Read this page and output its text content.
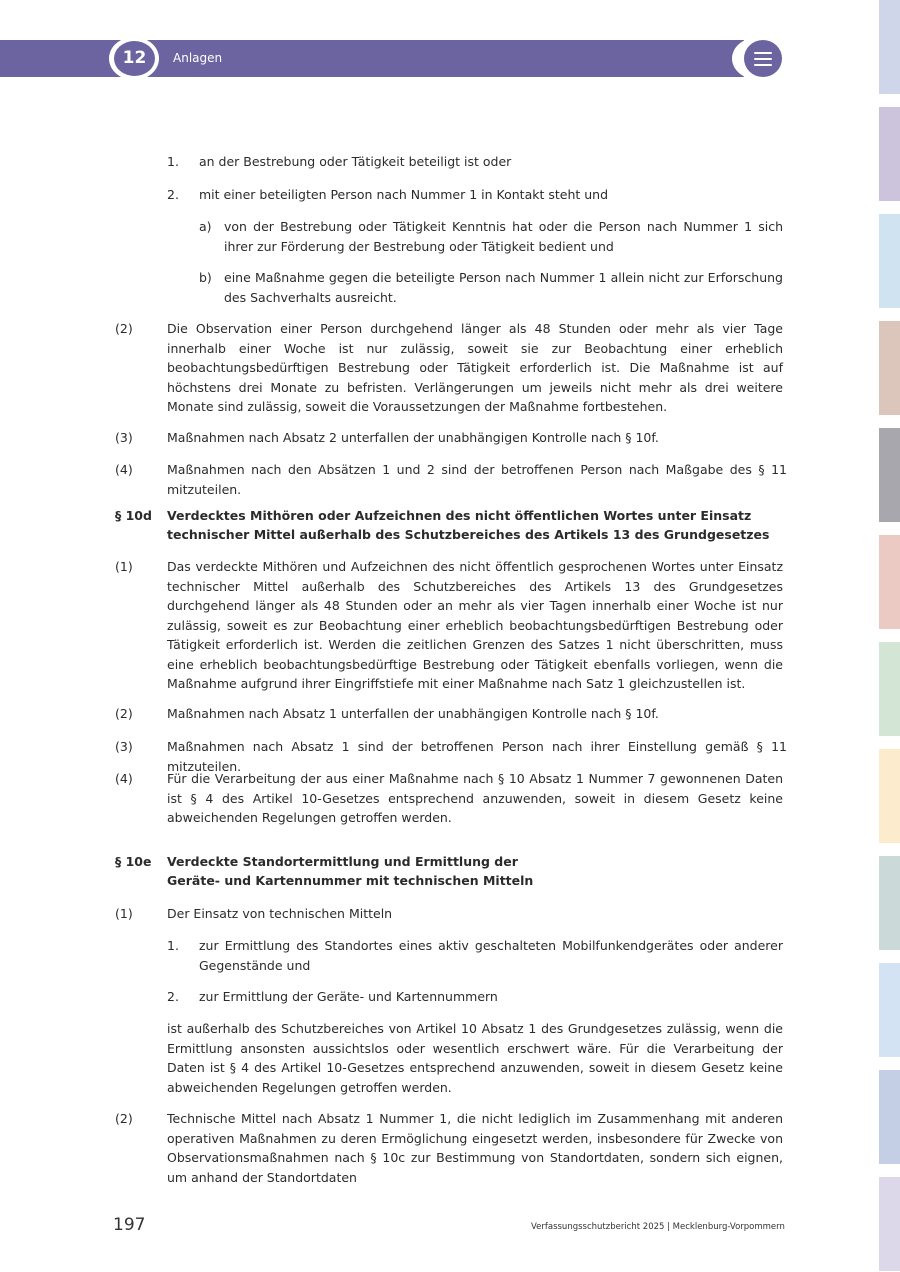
12	Anlagen
1. an der Bestrebung oder Tätigkeit beteiligt ist oder

2. mit einer beteiligten Person nach Nummer 1 in Kontakt steht und

a) von der Bestrebung oder Tätigkeit Kenntnis hat oder die Person nach Nummer 1 sich ihrer zur Förderung der Bestrebung oder Tätigkeit bedient und

b) eine Maßnahme gegen die beteiligte Person nach Nummer 1 allein nicht zur Erforschung des Sachverhalts ausreicht.

(2)	Die Observation einer Person durchgehend länger als 48 Stunden oder mehr als vier Tage innerhalb einer Woche ist nur zulässig, soweit sie zur Beobachtung einer erheblich beobachtungsbedürftigen Bestrebung oder Tätigkeit erforderlich ist. Die Maßnahme ist auf höchstens drei Monate zu befristen. Verlängerungen um jeweils nicht mehr als drei weitere Monate sind zulässig, soweit die Voraussetzungen der Maßnahme fortbestehen.

(3)	Maßnahmen nach Absatz 2 unterfallen der unabhängigen Kontrolle nach § 10f.

(4)	Maßnahmen nach den Absätzen 1 und 2 sind der betroffenen Person nach Maßgabe des § 11 mitzuteilen.

§ 10d Verdecktes Mithören oder Aufzeichnen des nicht öffentlichen Wortes unter Einsatz
technischer Mittel außerhalb des Schutzbereiches des Artikels 13 des Grundgesetzes
(1)	Das verdeckte Mithören und Aufzeichnen des nicht öffentlich gesprochenen Wortes unter Einsatz technischer Mittel außerhalb des Schutzbereiches des Artikels 13 des Grundgesetzes durchgehend länger als 48 Stunden oder an mehr als vier Tagen innerhalb einer Woche ist nur zulässig, soweit es zur Beobachtung einer erheblich beobachtungsbedürftigen Bestrebung oder Tätigkeit erforderlich ist. Werden die zeitlichen Grenzen des Satzes 1 nicht überschritten, muss eine erheblich beobachtungsbedürftige Bestrebung oder Tätigkeit ebenfalls vorliegen, wenn die Maßnahme aufgrund ihrer Eingriffstiefe mit einer Maßnahme nach Satz 1 gleichzustellen ist.

(2)	Maßnahmen nach Absatz 1 unterfallen der unabhängigen Kontrolle nach § 10f.

(3)	Maßnahmen nach Absatz 1 sind der betroffenen Person nach ihrer Einstellung gemäß § 11 mitzuteilen.

(4)	Für die Verarbeitung der aus einer Maßnahme nach § 10 Absatz 1 Nummer 7 gewonnenen Daten ist § 4 des Artikel 10-Gesetzes entsprechend anzuwenden, soweit in diesem Gesetz keine abweichenden Regelungen getroffen werden.

§ 10e Verdeckte Standortermittlung und Ermittlung der
Geräte- und Kartennummer mit technischen Mitteln
(1)	Der Einsatz von technischen Mitteln

1. zur Ermittlung des Standortes eines aktiv geschalteten Mobilfunkendgerätes oder anderer Gegenstände und

2. zur Ermittlung der Geräte- und Kartennummern

ist außerhalb des Schutzbereiches von Artikel 10 Absatz 1 des Grundgesetzes zulässig, wenn die Ermittlung ansonsten aussichtslos oder wesentlich erschwert wäre. Für die Verarbeitung der Daten ist § 4 des Artikel 10-Gesetzes entsprechend anzuwenden, soweit in diesem Gesetz keine abweichenden Regelungen getroffen werden.

(2)	Technische Mittel nach Absatz 1 Nummer 1, die nicht lediglich im Zusammenhang mit anderen operativen Maßnahmen zu deren Ermöglichung eingesetzt werden, insbesondere für Zwecke von Observationsmaßnahmen nach § 10c zur Bestimmung von Standortdaten, sondern sich eignen, um anhand der Standortdaten

197	Verfassungsschutzbericht 2025 | Mecklenburg-Vorpommern
